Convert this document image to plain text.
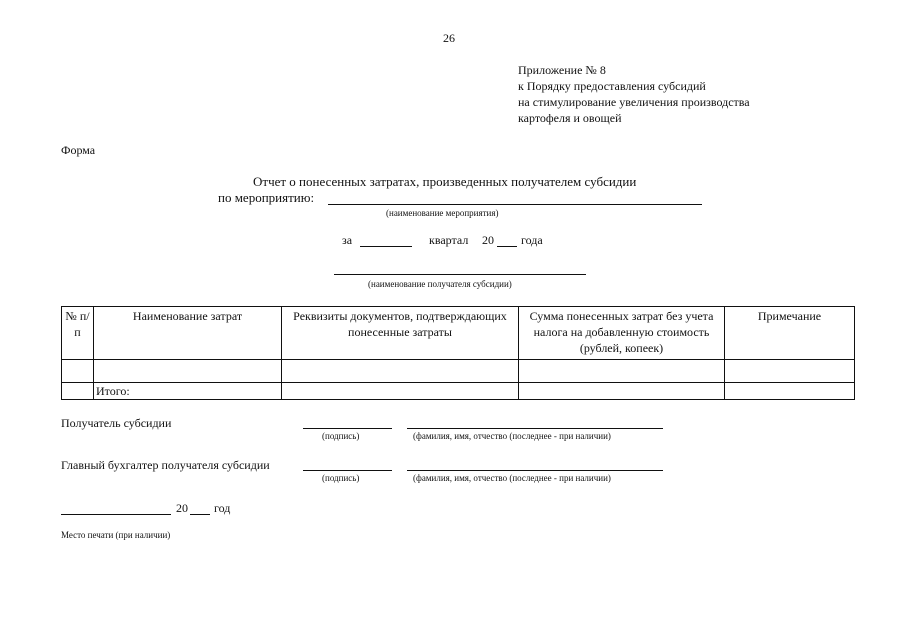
26
Приложение № 8
к Порядку предоставления субсидий
на стимулирование увеличения производства
картофеля и овощей
Форма
Отчет о понесенных затратах, произведенных получателем субсидии
по мероприятию:
(наименование мероприятия)
за	квартал 20 года
(наименование получателя субсидии)
№ п/п	Наименование затрат	Реквизиты документов, подтверждающих понесенные затраты	Сумма понесенных затрат без учета налога на добавленную стоимость (рублей, копеек)	Примечание

	Итого:			
Получатель субсидии
(подпись)	(фамилия, имя, отчество (последнее - при наличии)
Главный бухгалтер получателя субсидии
(подпись)	(фамилия, имя, отчество (последнее - при наличии)
20 год
Место печати (при наличии)
